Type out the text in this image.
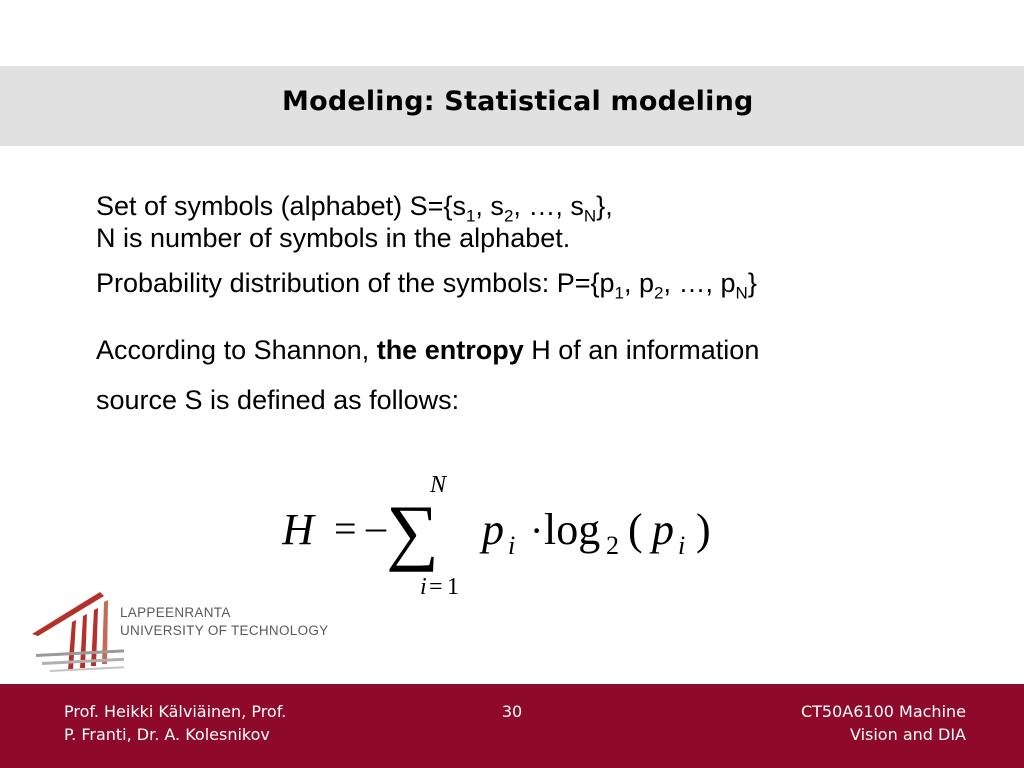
Modeling: Statistical modeling

Set of symbols (alphabet) $S=\{s_1$, $s_2$, …, $s_N$},

N is number of symbols in the alphabet.

Probability distribution of the symbols: $P=\{p_1$, $p_2$, …, $p_N$}

According to Shannon, the entropy H of an information
source S is defined as follows:

H = – ∑
N
i = 1
p i · log 2 ( p i )
LAPPEENRANTA
UNIVERSITY OF TECHNOLOGY
Prof. Heikki Kälviäinen, Prof.
P. Franti, Dr. A. Kolesnikov
30	CT50A6100 Machine
Vision and DIA
